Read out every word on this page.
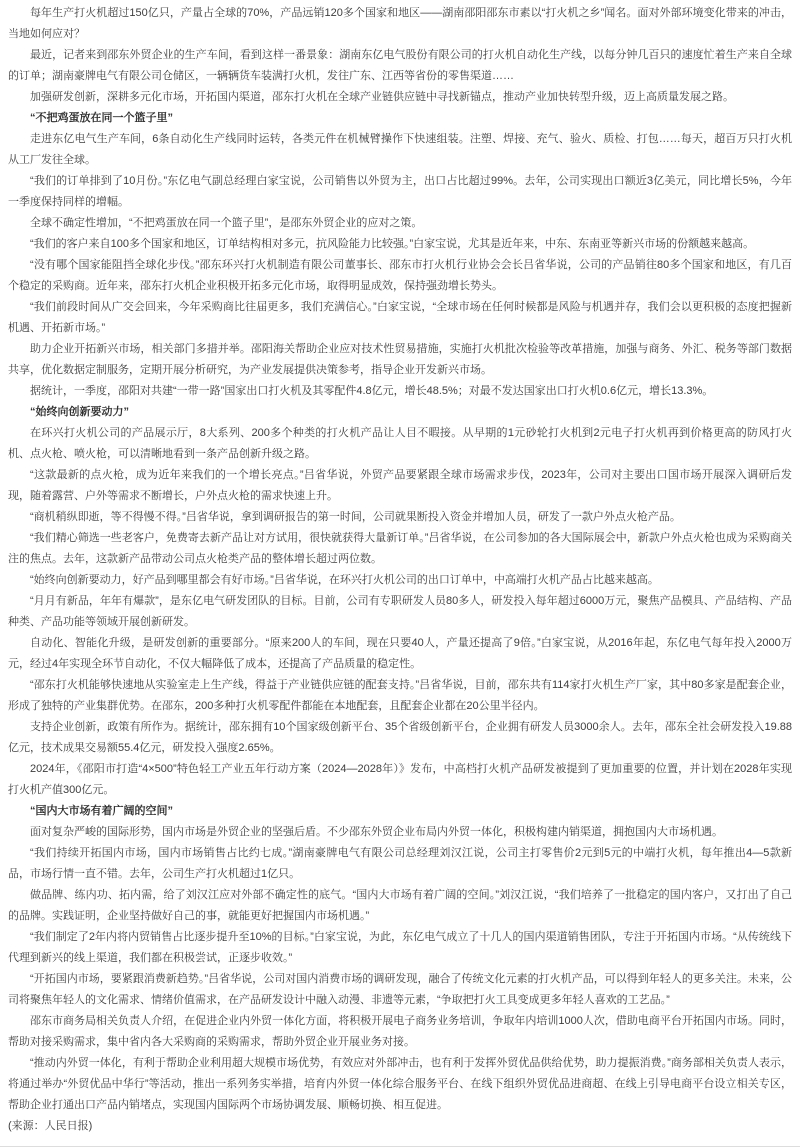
每年生产打火机超过150亿只，产量占全球的70%，产品远销120多个国家和地区——湖南邵阳邵东市素以“打火机之乡”闻名。面对外部环境变化带来的冲击，当地如何应对？

最近，记者来到邵东外贸企业的生产车间，看到这样一番景象：湖南东亿电气股份有限公司的打火机自动化生产线，以每分钟几百只的速度忙着生产来自全球的订单；湖南豪牌电气有限公司仓储区，一辆辆货车装满打火机，发往广东、江西等省份的零售渠道……

加强研发创新，深耕多元化市场，开拓国内渠道，邵东打火机在全球产业链供应链中寻找新锚点，推动产业加快转型升级，迈上高质量发展之路。

“不把鸡蛋放在同一个篮子里”

走进东亿电气生产车间，6条自动化生产线同时运转，各类元件在机械臂操作下快速组装。注塑、焊接、充气、验火、质检、打包……每天，超百万只打火机从工厂发往全球。

“我们的订单排到了10月份。”东亿电气副总经理白家宝说，公司销售以外贸为主，出口占比超过99%。去年，公司实现出口额近3亿美元，同比增长5%，今年一季度保持同样的增幅。

全球不确定性增加，“不把鸡蛋放在同一个篮子里”，是邵东外贸企业的应对之策。

“我们的客户来自100多个国家和地区，订单结构相对多元，抗风险能力比较强。”白家宝说，尤其是近年来，中东、东南亚等新兴市场的份额越来越高。

“没有哪个国家能阻挡全球化步伐。”邵东环兴打火机制造有限公司董事长、邵东市打火机行业协会会长吕省华说，公司的产品销往80多个国家和地区，有几百个稳定的采购商。近年来，邵东打火机企业积极开拓多元化市场，取得明显成效，保持强劲增长势头。

“我们前段时间从广交会回来，今年采购商比往届更多，我们充满信心。”白家宝说，“全球市场在任何时候都是风险与机遇并存，我们会以更积极的态度把握新机遇、开拓新市场。”

助力企业开拓新兴市场，相关部门多措并举。邵阳海关帮助企业应对技术性贸易措施，实施打火机批次检验等改革措施，加强与商务、外汇、税务等部门数据共享，优化数据定制服务，定期开展分析研究，为产业发展提供决策参考，指导企业开发新兴市场。

据统计，一季度，邵阳对共建“一带一路”国家出口打火机及其零配件4.8亿元，增长48.5%；对最不发达国家出口打火机0.6亿元，增长13.3%。

“始终向创新要动力”

在环兴打火机公司的产品展示厅，8大系列、200多个种类的打火机产品让人目不暇接。从早期的1元砂轮打火机到2元电子打火机再到价格更高的防风打火机、点火枪、喷火枪，可以清晰地看到一条产品创新升级之路。

“这款最新的点火枪，成为近年来我们的一个增长亮点。”吕省华说，外贸产品要紧跟全球市场需求步伐，2023年，公司对主要出口国市场开展深入调研后发现，随着露营、户外等需求不断增长，户外点火枪的需求快速上升。

“商机稍纵即逝，等不得慢不得。”吕省华说，拿到调研报告的第一时间，公司就果断投入资金并增加人员，研发了一款户外点火枪产品。

“我们精心筛选一些老客户，免费寄去新产品让对方试用，很快就获得大量新订单。”吕省华说，在公司参加的各大国际展会中，新款户外点火枪也成为采购商关注的焦点。去年，这款新产品带动公司点火枪类产品的整体增长超过两位数。

“始终向创新要动力，好产品到哪里都会有好市场。”吕省华说，在环兴打火机公司的出口订单中，中高端打火机产品占比越来越高。

“月月有新品，年年有爆款”，是东亿电气研发团队的目标。目前，公司有专职研发人员80多人，研发投入每年超过6000万元，聚焦产品模具、产品结构、产品种类、产品功能等领域开展创新研发。

自动化、智能化升级，是研发创新的重要部分。“原来200人的车间，现在只要40人，产量还提高了9倍。”白家宝说，从2016年起，东亿电气每年投入2000万元，经过4年实现全环节自动化，不仅大幅降低了成本，还提高了产品质量的稳定性。

“邵东打火机能够快速地从实验室走上生产线，得益于产业链供应链的配套支持。”吕省华说，目前，邵东共有114家打火机生产厂家，其中80多家是配套企业，形成了独特的产业集群优势。在邵东，200多种打火机零配件都能在本地配套，且配套企业都在20公里半径内。

支持企业创新，政策有所作为。据统计，邵东拥有10个国家级创新平台、35个省级创新平台，企业拥有研发人员3000余人。去年，邵东全社会研发投入19.88亿元，技术成果交易额55.4亿元，研发投入强度2.65%。

2024年，《邵阳市打造“4×500”特色轻工产业五年行动方案（2024—2028年）》发布，中高档打火机产品研发被提到了更加重要的位置，并计划在2028年实现打火机产值300亿元。

“国内大市场有着广阔的空间”

面对复杂严峻的国际形势，国内市场是外贸企业的坚强后盾。不少邵东外贸企业布局内外贸一体化，积极构建内销渠道，拥抱国内大市场机遇。

“我们持续开拓国内市场，国内市场销售占比约七成。”湖南豪牌电气有限公司总经理刘汉江说，公司主打零售价2元到5元的中端打火机，每年推出4—5款新品，市场行情一直不错。去年，公司生产打火机超过1亿只。

做品牌、练内功、拓内需，给了刘汉江应对外部不确定性的底气。“国内大市场有着广阔的空间。”刘汉江说，“我们培养了一批稳定的国内客户，又打出了自己的品牌。实践证明，企业坚持做好自己的事，就能更好把握国内市场机遇。”

“我们制定了2年内将内贸销售占比逐步提升至10%的目标。”白家宝说，为此，东亿电气成立了十几人的国内渠道销售团队，专注于开拓国内市场。“从传统线下代理到新兴的线上渠道，我们都在积极尝试，正逐步收效。”

“开拓国内市场，要紧跟消费新趋势。”吕省华说，公司对国内消费市场的调研发现，融合了传统文化元素的打火机产品，可以得到年轻人的更多关注。未来，公司将聚焦年轻人的文化需求、情绪价值需求，在产品研发设计中融入动漫、非遗等元素，“争取把打火工具变成更多年轻人喜欢的工艺品。”

邵东市商务局相关负责人介绍，在促进企业内外贸一体化方面，将积极开展电子商务业务培训，争取年内培训1000人次，借助电商平台开拓国内市场。同时，帮助对接采购需求，集中省内各大采购商的采购需求，帮助外贸企业开展业务对接。

“推动内外贸一体化，有利于帮助企业利用超大规模市场优势，有效应对外部冲击，也有利于发挥外贸优品供给优势，助力提振消费。”商务部相关负责人表示，将通过举办“外贸优品中华行”等活动，推出一系列务实举措，培育内外贸一体化综合服务平台、在线下组织外贸优品进商超、在线上引导电商平台设立相关专区，帮助企业打通出口产品内销堵点，实现国内国际两个市场协调发展、顺畅切换、相互促进。

(来源：人民日报)
